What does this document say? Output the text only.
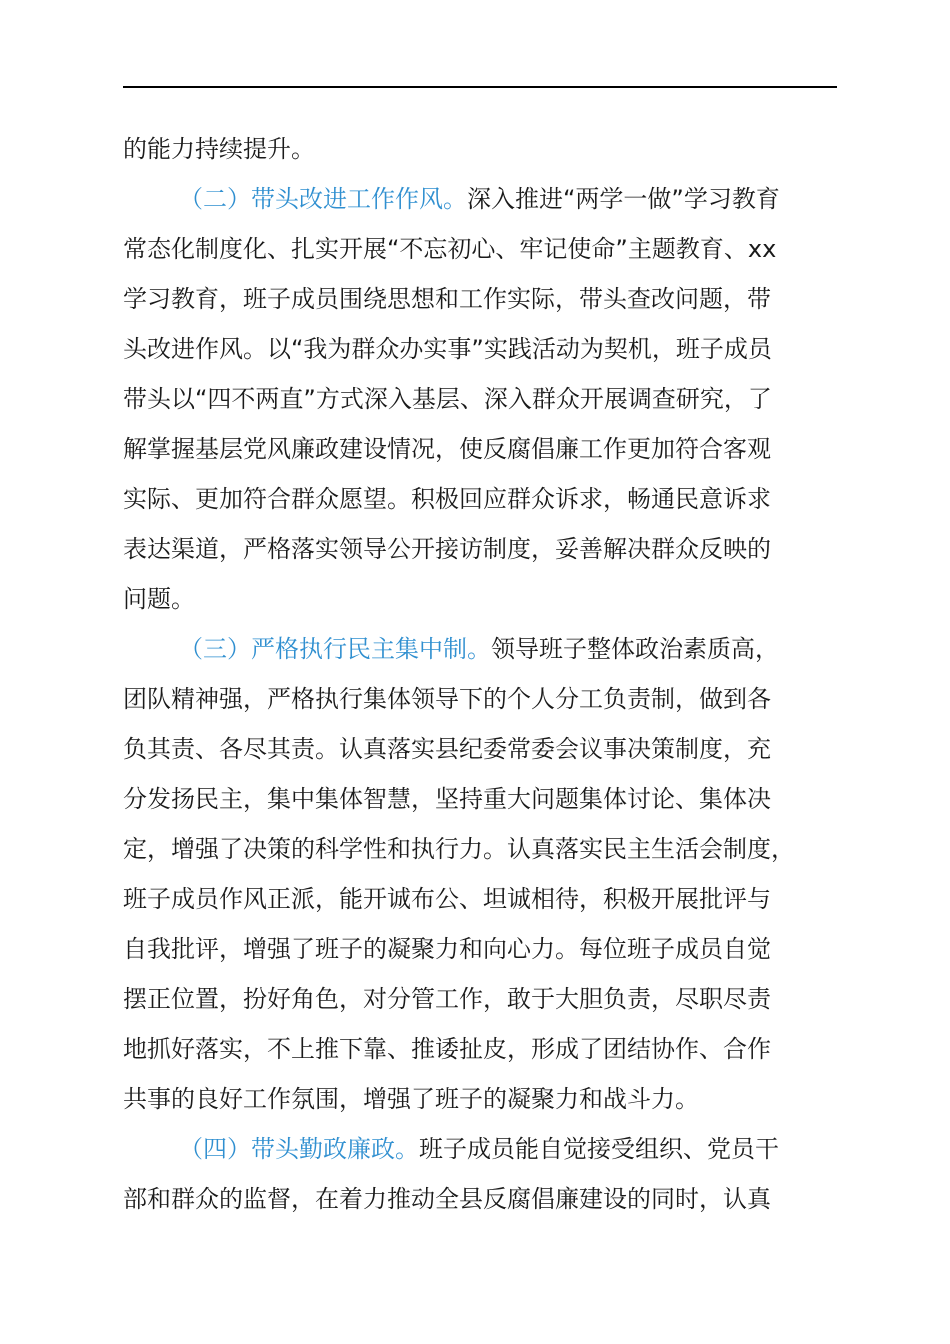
的能力持续提升。
（二）带头改进工作作风。深入推进“两学一做”学习教育
常态化制度化、扎实开展“不忘初心、牢记使命”主题教育、xx
学习教育，班子成员围绕思想和工作实际，带头查改问题，带
头改进作风。以“我为群众办实事”实践活动为契机，班子成员
带头以“四不两直”方式深入基层、深入群众开展调查研究，了
解掌握基层党风廉政建设情况，使反腐倡廉工作更加符合客观
实际、更加符合群众愿望。积极回应群众诉求，畅通民意诉求
表达渠道，严格落实领导公开接访制度，妥善解决群众反映的
问题。
（三）严格执行民主集中制。领导班子整体政治素质高，
团队精神强，严格执行集体领导下的个人分工负责制，做到各
负其责、各尽其责。认真落实县纪委常委会议事决策制度，充
分发扬民主，集中集体智慧，坚持重大问题集体讨论、集体决
定，增强了决策的科学性和执行力。认真落实民主生活会制度，
班子成员作风正派，能开诚布公、坦诚相待，积极开展批评与
自我批评，增强了班子的凝聚力和向心力。每位班子成员自觉
摆正位置，扮好角色，对分管工作，敢于大胆负责，尽职尽责
地抓好落实，不上推下靠、推诿扯皮，形成了团结协作、合作
共事的良好工作氛围，增强了班子的凝聚力和战斗力。
（四）带头勤政廉政。班子成员能自觉接受组织、党员干
部和群众的监督，在着力推动全县反腐倡廉建设的同时，认真
